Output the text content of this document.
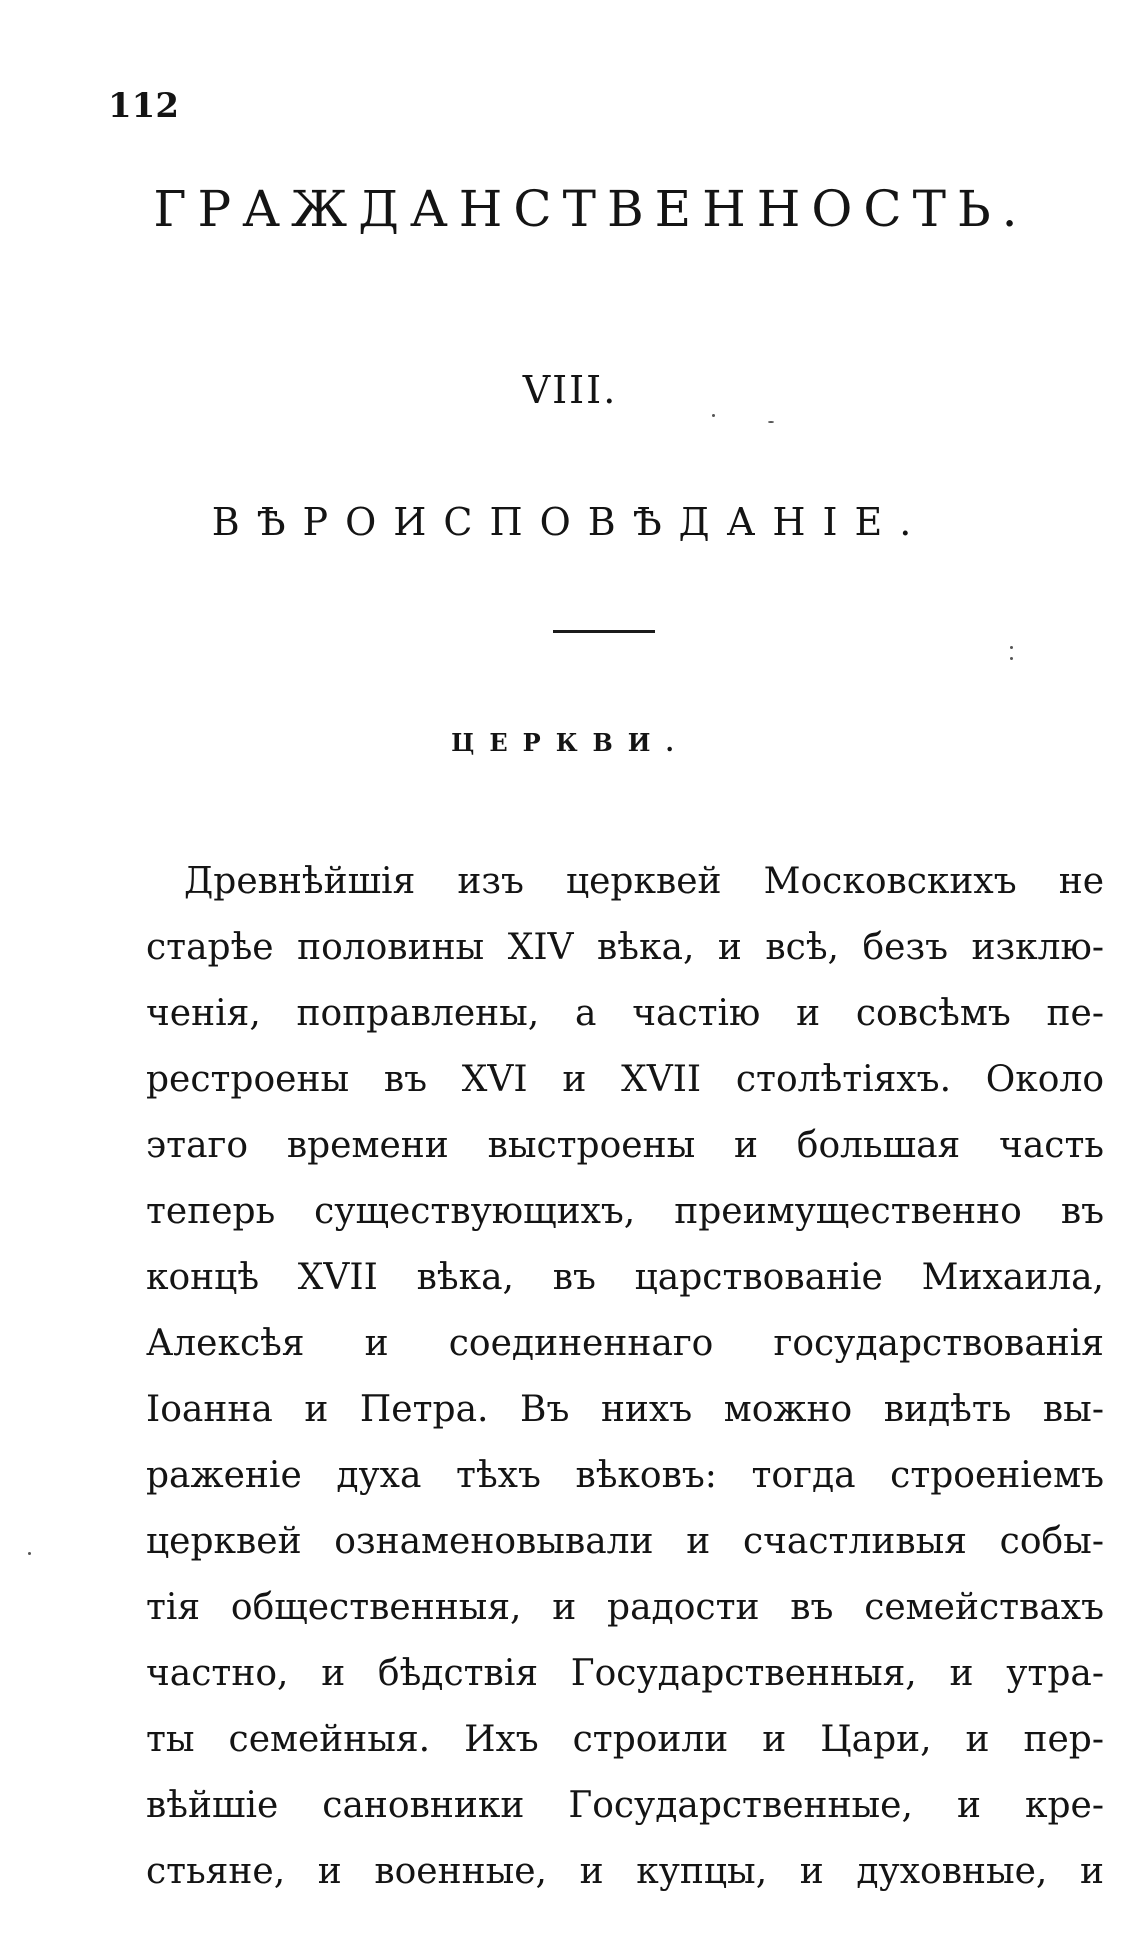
112
ГРАЖДАНСТВЕННОСТЬ.
VIII.
ВѢРОИСПОВѢДАНІЕ.
ЦЕРКВИ.
Древнѣйшія изъ церквей Московскихъ не
старѣе половины XIV вѣка, и всѣ, безъ изклю-
ченія, поправлены, а частію и совсѣмъ пе-
рестроены въ XVI и XVII столѣтіяхъ. Около
этаго времени выстроены и большая часть
теперь существующихъ, преимущественно въ
концѣ XVII вѣка, въ царствованіе Михаила,
Алексѣя и соединеннаго государствованія
Іоанна и Петра. Въ нихъ можно видѣть вы-
раженіе духа тѣхъ вѣковъ: тогда строеніемъ
церквей ознаменовывали и счастливыя собы-
тія общественныя, и радости въ семействахъ
частно, и бѣдствія Государственныя, и утра-
ты семейныя. Ихъ строили и Цари, и пер-
вѣйшіе сановники Государственные, и кре-
стьяне, и военные, и купцы, и духовные, и
